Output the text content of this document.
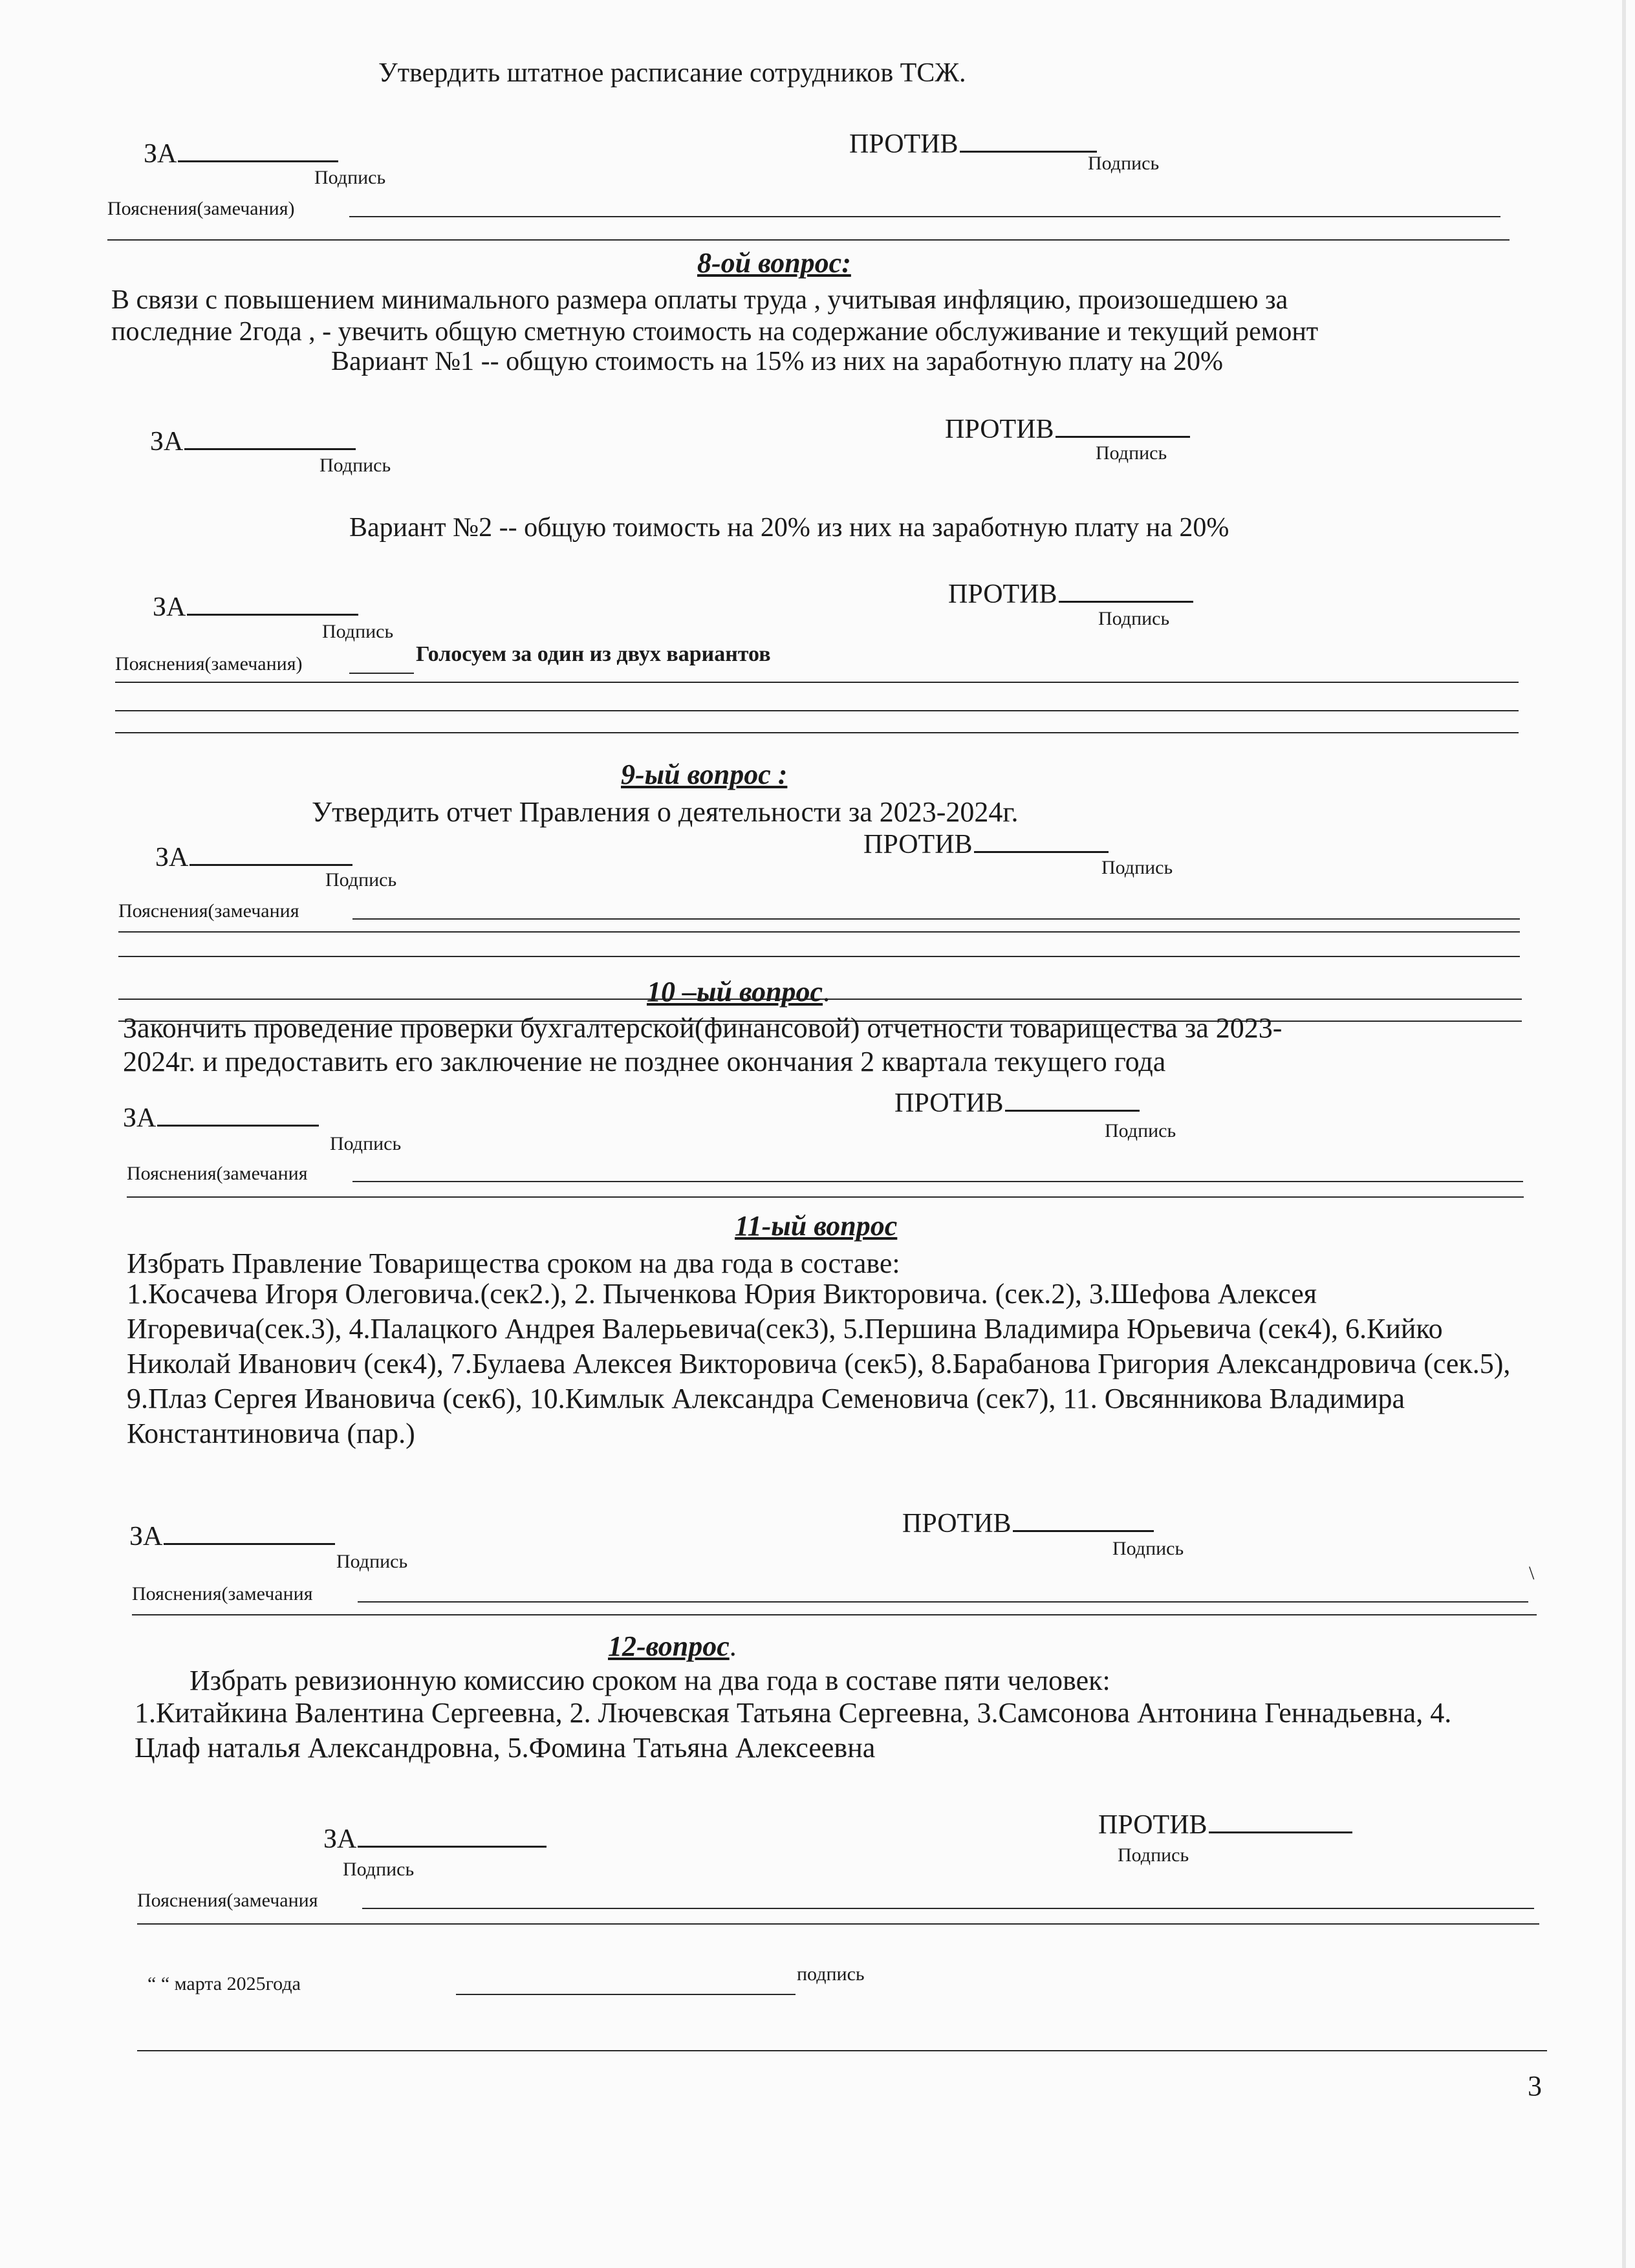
Утвердить штатное расписание сотрудников ТСЖ.
ЗА	ПРОТИВ
Подпись
Подпись
Пояснения(замечания)
8-ой вопрос:
В связи с повышением минимального размера оплаты труда , учитывая инфляцию, произошедшею за
последние 2года , - увечить общую сметную стоимость на содержание обслуживание и текущий ремонт
Вариант №1 -- общую стоимость на 15% из них на заработную плату на 20%
ЗА	ПРОТИВ
Подпись
Подпись
Вариант №2 -- общую тоимость на 20% из них на заработную плату на 20%
ЗА	ПРОТИВ
Подпись
Подпись
Пояснения(замечания)	Голосуем за один из двух вариантов
9-ый вопрос :
Утвердить отчет Правления о деятельности за 2023-2024г.
ЗА	ПРОТИВ
Подпись
Подпись
Пояснения(замечания
10 –ый вопрос.
Закончить проведение проверки бухгалтерской(финансовой) отчетности товарищества за 2023-
2024г. и предоставить его заключение не позднее окончания 2 квартала текущего года
ЗА	ПРОТИВ
Подпись
Подпись
Пояснения(замечания
11-ый вопрос
Избрать Правление Товарищества сроком на два года в составе:
1.Косачева Игоря Олеговича.(сек2.), 2. Пыченкова Юрия Викторовича. (сек.2), 3.Шефова Алексея Игоревича(сек.3), 4.Палацкого Андрея Валерьевича(сек3), 5.Першина Владимира Юрьевича (сек4), 6.Кийко Николай Иванович (сек4), 7.Булаева Алексея Викторовича (сек5), 8.Барабанова Григория Александровича (сек.5), 9.Плаз Сергея Ивановича (сек6), 10.Кимлык Александра Семеновича (сек7), 11. Овсянникова Владимира Константиновича (пар.)
ЗА	ПРОТИВ
Подпись
Подпись
Пояснения(замечания
\
12-вопрос.
Избрать ревизионную комиссию сроком на два года в составе пяти человек:
1.Китайкина Валентина Сергеевна, 2. Лючевская Татьяна Сергеевна, 3.Самсонова Антонина Геннадьевна, 4. Цлаф наталья Александровна, 5.Фомина Татьяна Алексеевна
ЗА	ПРОТИВ
Подпись
Подпись
Пояснения(замечания
“ “ марта 2025года	подпись
3
